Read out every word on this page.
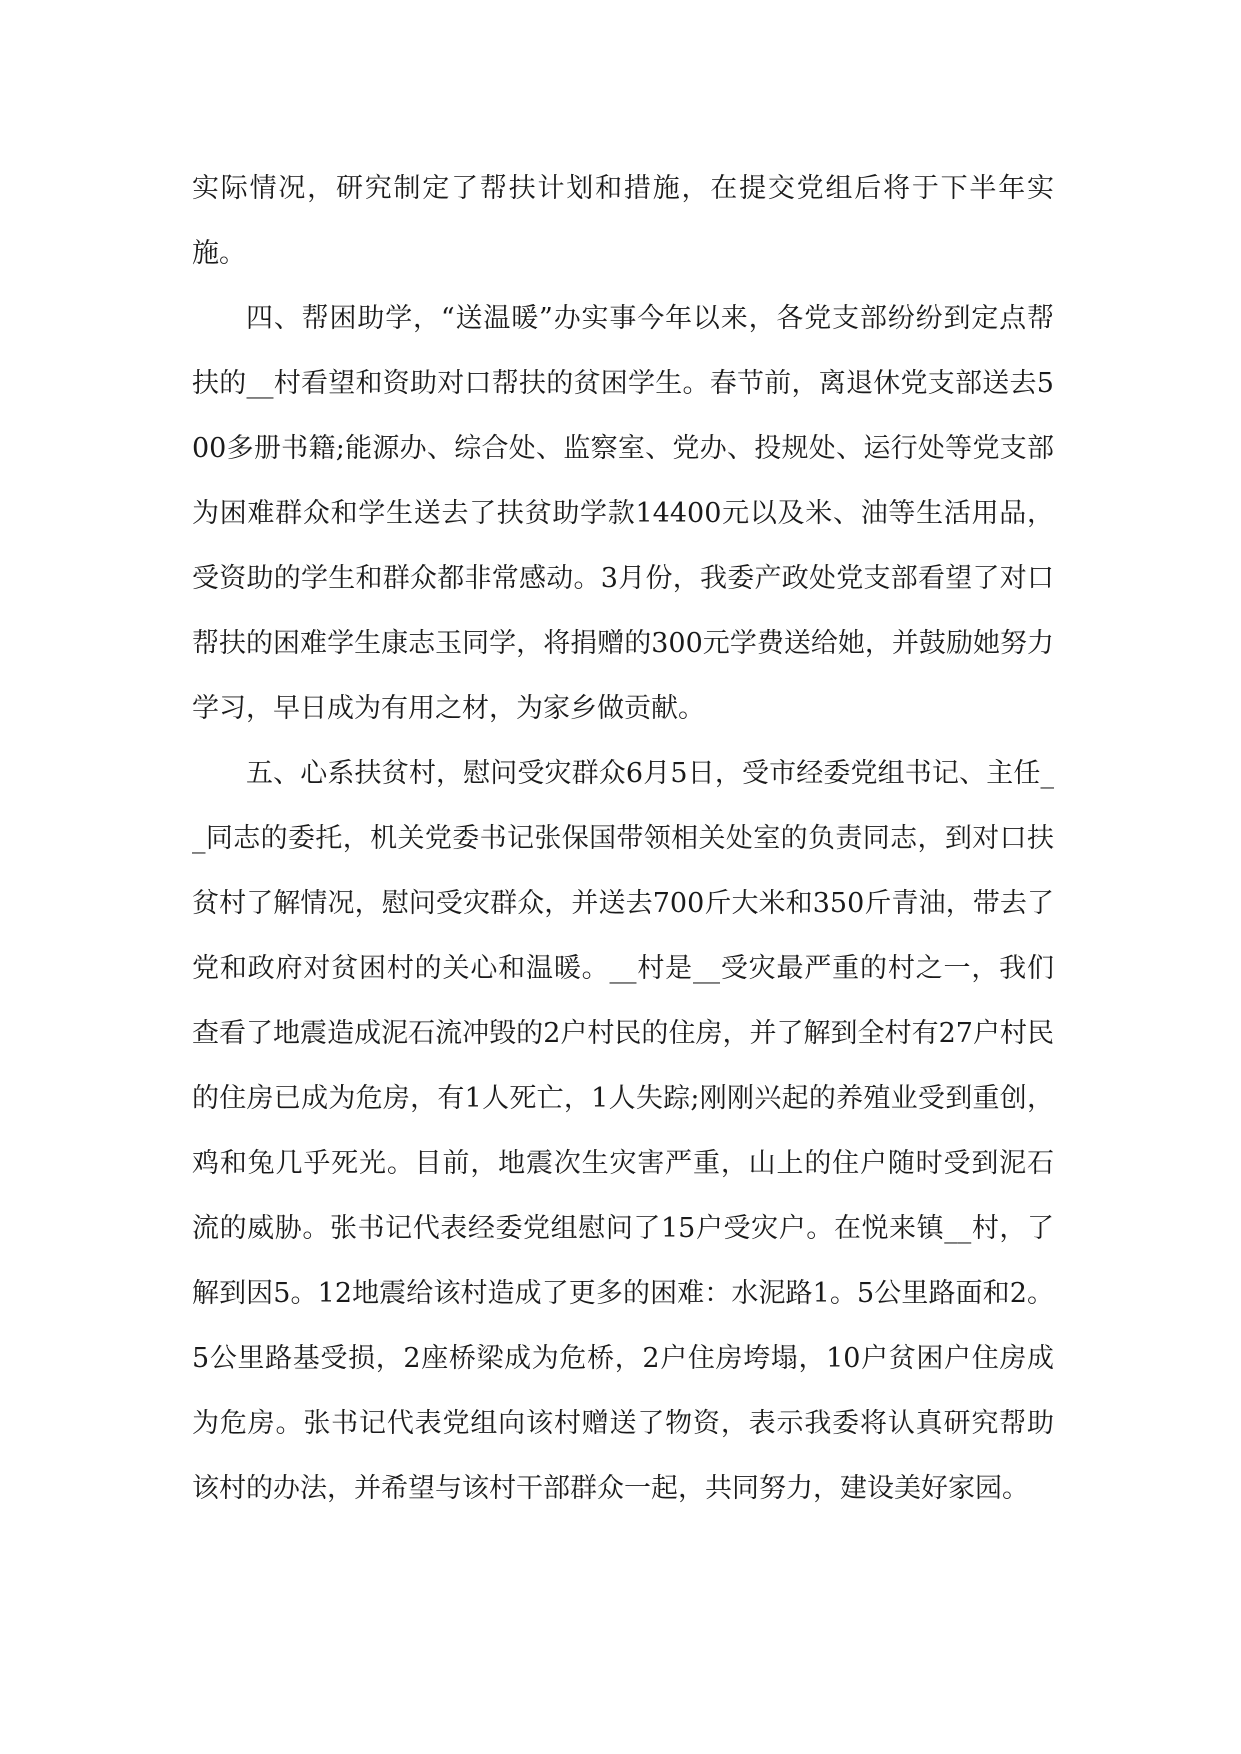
实际情况，研究制定了帮扶计划和措施，在提交党组后将于下半年实施。

四、帮困助学，“送温暖”办实事今年以来，各党支部纷纷到定点帮扶的__村看望和资助对口帮扶的贫困学生。春节前，离退休党支部送去500多册书籍;能源办、综合处、监察室、党办、投规处、运行处等党支部为困难群众和学生送去了扶贫助学款14400元以及米、油等生活用品，受资助的学生和群众都非常感动。3月份，我委产政处党支部看望了对口帮扶的困难学生康志玉同学，将捐赠的300元学费送给她，并鼓励她努力学习，早日成为有用之材，为家乡做贡献。

五、心系扶贫村，慰问受灾群众6月5日，受市经委党组书记、主任__同志的委托，机关党委书记张保国带领相关处室的负责同志，到对口扶贫村了解情况，慰问受灾群众，并送去700斤大米和350斤青油，带去了党和政府对贫困村的关心和温暖。__村是__受灾最严重的村之一，我们查看了地震造成泥石流冲毁的2户村民的住房，并了解到全村有27户村民的住房已成为危房，有1人死亡，1人失踪;刚刚兴起的养殖业受到重创，鸡和兔几乎死光。目前，地震次生灾害严重，山上的住户随时受到泥石流的威胁。张书记代表经委党组慰问了15户受灾户。在悦来镇__村，了解到因5。12地震给该村造成了更多的困难：水泥路1。5公里路面和2。5公里路基受损，2座桥梁成为危桥，2户住房垮塌，10户贫困户住房成为危房。张书记代表党组向该村赠送了物资，表示我委将认真研究帮助该村的办法，并希望与该村干部群众一起，共同努力，建设美好家园。
